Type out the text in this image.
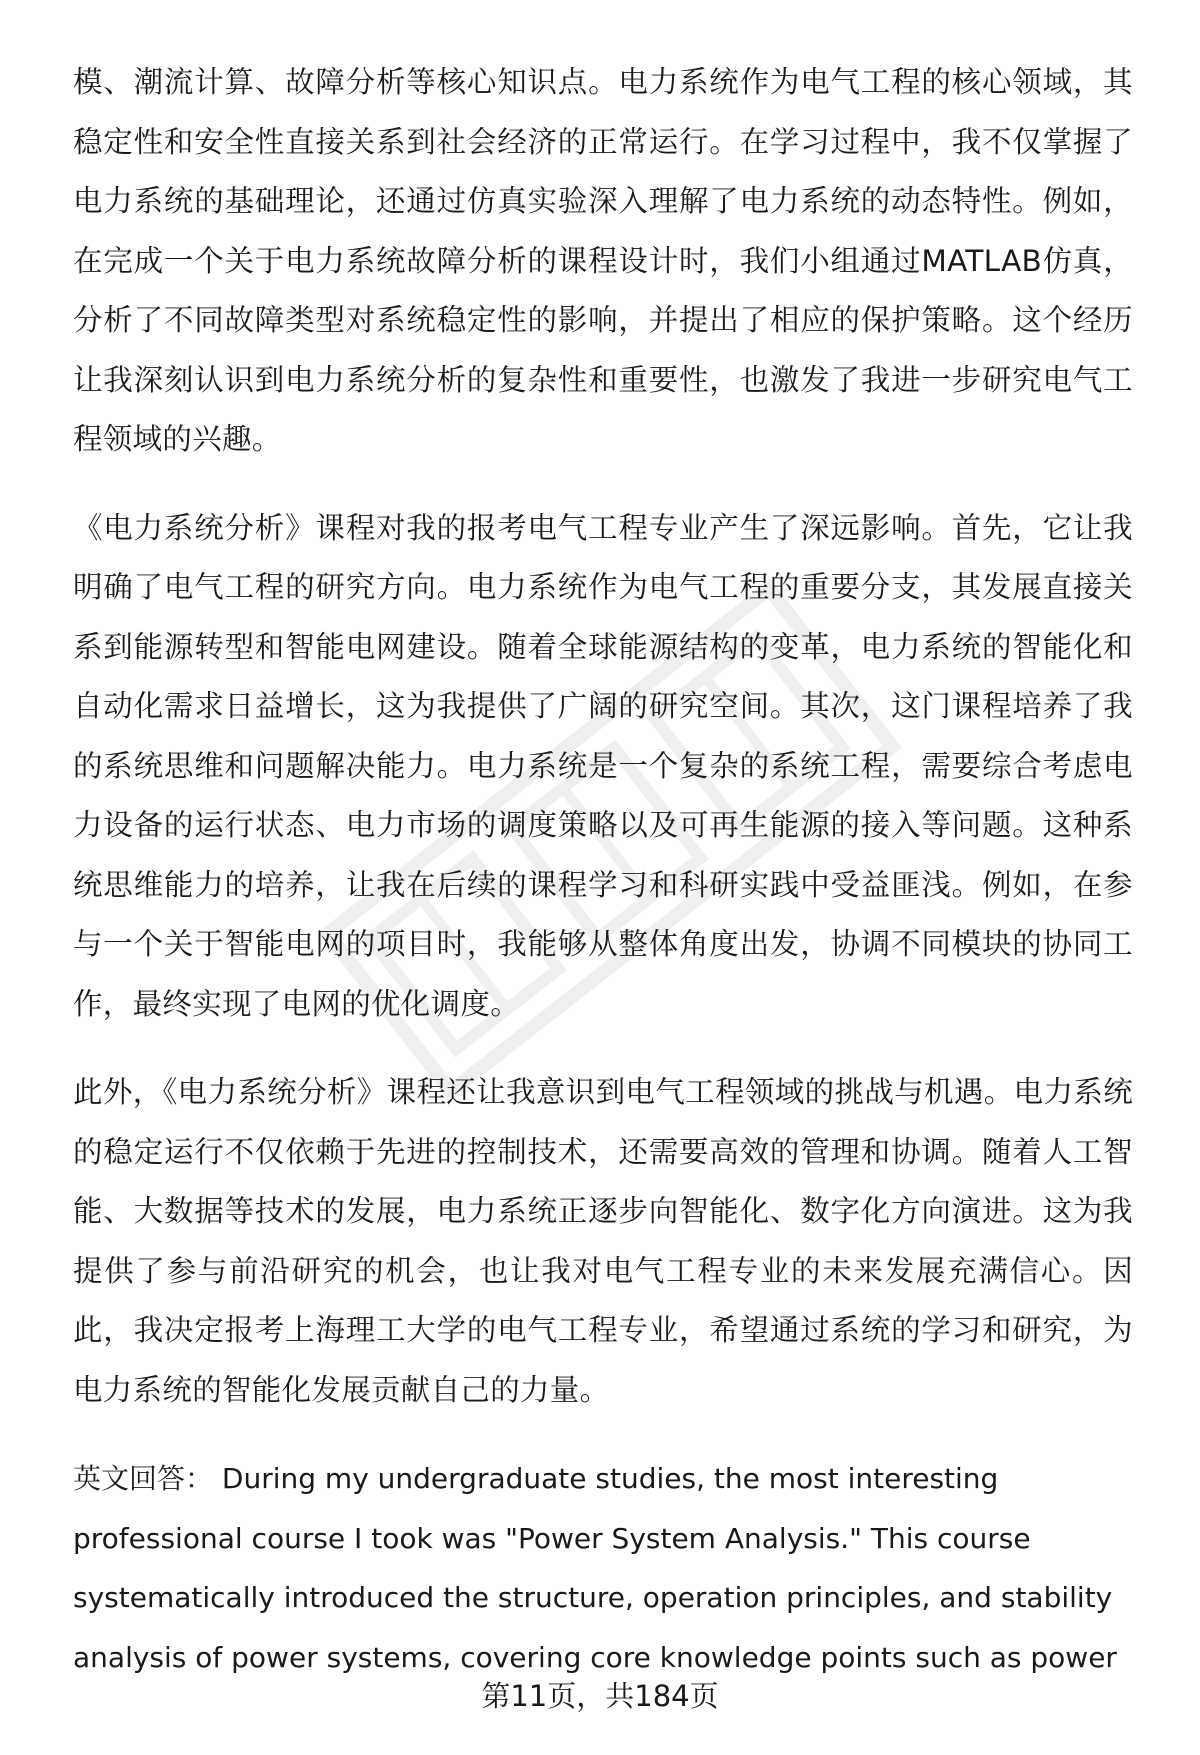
模、潮流计算、故障分析等核心知识点。电力系统作为电气工程的核心领域，其稳定性和安全性直接关系到社会经济的正常运行。在学习过程中，我不仅掌握了电力系统的基础理论，还通过仿真实验深入理解了电力系统的动态特性。例如，在完成一个关于电力系统故障分析的课程设计时，我们小组通过MATLAB仿真，分析了不同故障类型对系统稳定性的影响，并提出了相应的保护策略。这个经历让我深刻认识到电力系统分析的复杂性和重要性，也激发了我进一步研究电气工程领域的兴趣。

《电力系统分析》课程对我的报考电气工程专业产生了深远影响。首先，它让我明确了电气工程的研究方向。电力系统作为电气工程的重要分支，其发展直接关系到能源转型和智能电网建设。随着全球能源结构的变革，电力系统的智能化和自动化需求日益增长，这为我提供了广阔的研究空间。其次，这门课程培养了我的系统思维和问题解决能力。电力系统是一个复杂的系统工程，需要综合考虑电力设备的运行状态、电力市场的调度策略以及可再生能源的接入等问题。这种系统思维能力的培养，让我在后续的课程学习和科研实践中受益匪浅。例如，在参与一个关于智能电网的项目时，我能够从整体角度出发，协调不同模块的协同工作，最终实现了电网的优化调度。

此外，《电力系统分析》课程还让我意识到电气工程领域的挑战与机遇。电力系统的稳定运行不仅依赖于先进的控制技术，还需要高效的管理和协调。随着人工智能、大数据等技术的发展，电力系统正逐步向智能化、数字化方向演进。这为我提供了参与前沿研究的机会，也让我对电气工程专业的未来发展充满信心。因此，我决定报考上海理工大学的电气工程专业，希望通过系统的学习和研究，为电力系统的智能化发展贡献自己的力量。

英文回答： During my undergraduate studies, the most interesting professional course I took was "Power System Analysis." This course systematically introduced the structure, operation principles, and stability analysis of power systems, covering core knowledge points such as power

第11页，共184页
